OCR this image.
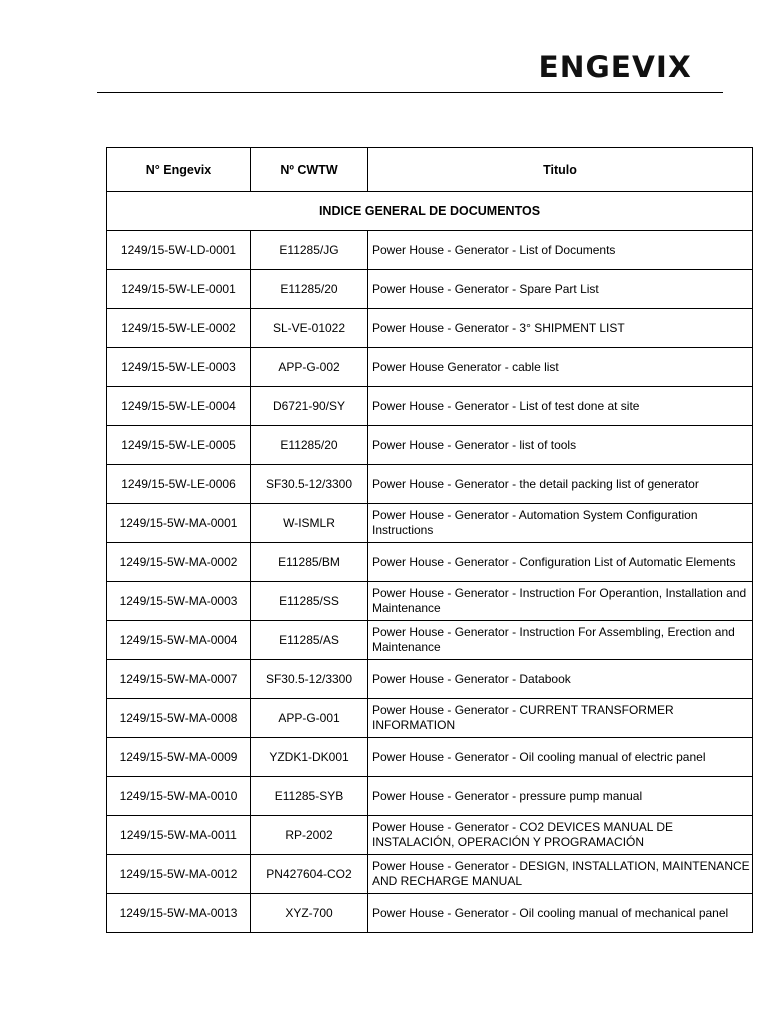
ENGEVIX
N° Engevix	Nº CWTW	Titulo
INDICE GENERAL DE DOCUMENTOS		
1249/15-5W-LD-0001	E11285/JG	Power House - Generator - List of Documents
1249/15-5W-LE-0001	E11285/20	Power House - Generator - Spare Part List
1249/15-5W-LE-0002	SL-VE-01022	Power House - Generator - 3° SHIPMENT LIST
1249/15-5W-LE-0003	APP-G-002	Power House Generator - cable list
1249/15-5W-LE-0004	D6721-90/SY	Power House - Generator - List of test done at site
1249/15-5W-LE-0005	E11285/20	Power House - Generator - list of tools
1249/15-5W-LE-0006	SF30.5-12/3300	Power House - Generator - the detail packing list of generator
1249/15-5W-MA-0001	W-ISMLR	Power House - Generator - Automation System Configuration Instructions
1249/15-5W-MA-0002	E11285/BM	Power House - Generator - Configuration List of Automatic Elements
1249/15-5W-MA-0003	E11285/SS	Power House - Generator - Instruction For Operantion, Installation and Maintenance
1249/15-5W-MA-0004	E11285/AS	Power House - Generator - Instruction For Assembling, Erection and Maintenance
1249/15-5W-MA-0007	SF30.5-12/3300	Power House - Generator - Databook
1249/15-5W-MA-0008	APP-G-001	Power House - Generator - CURRENT TRANSFORMER INFORMATION
1249/15-5W-MA-0009	YZDK1-DK001	Power House - Generator - Oil cooling manual of electric panel
1249/15-5W-MA-0010	E11285-SYB	Power House - Generator - pressure pump manual
1249/15-5W-MA-0011	RP-2002	Power House - Generator - CO2 DEVICES MANUAL DE INSTALACIÓN, OPERACIÓN Y PROGRAMACIÓN
1249/15-5W-MA-0012	PN427604-CO2	Power House - Generator - DESIGN, INSTALLATION, MAINTENANCE AND RECHARGE MANUAL
1249/15-5W-MA-0013	XYZ-700	Power House - Generator - Oil cooling manual of mechanical panel
